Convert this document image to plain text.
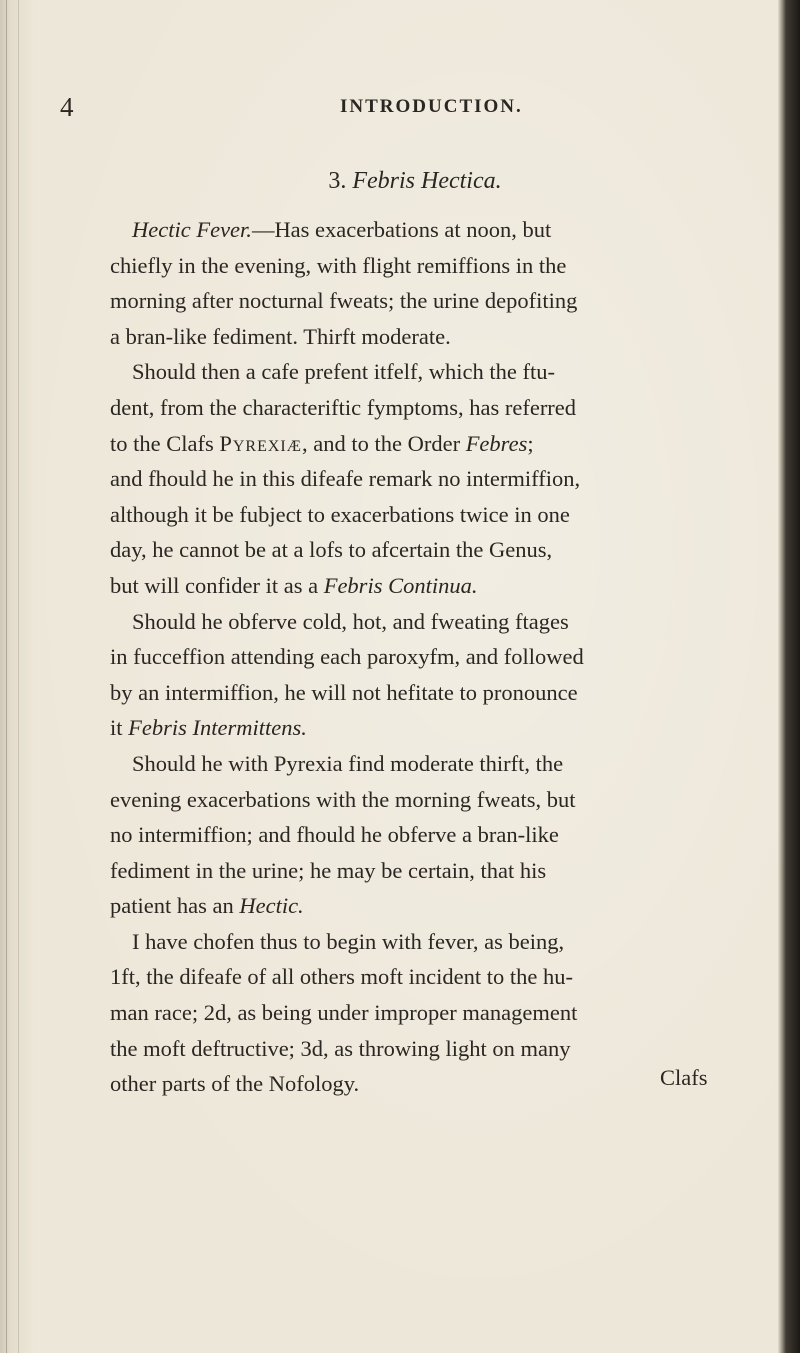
4	INTRODUCTION.
3. Febris Hectica.
Hectic Fever.—Has exacerbations at noon, but
chiefly in the evening, with flight remiffions in the
morning after nocturnal fweats; the urine depofiting
a bran-like fediment. Thirft moderate.
Should then a cafe prefent itfelf, which the ftu-
dent, from the characteriftic fymptoms, has referred
to the Clafs Pyrexiæ, and to the Order Febres;
and fhould he in this difeafe remark no intermiffion,
although it be fubject to exacerbations twice in one
day, he cannot be at a lofs to afcertain the Genus,
but will confider it as a Febris Continua.
Should he obferve cold, hot, and fweating ftages
in fucceffion attending each paroxyfm, and followed
by an intermiffion, he will not hefitate to pronounce
it Febris Intermittens.
Should he with Pyrexia find moderate thirft, the
evening exacerbations with the morning fweats, but
no intermiffion; and fhould he obferve a bran-like
fediment in the urine; he may be certain, that his
patient has an Hectic.
I have chofen thus to begin with fever, as being,
1ft, the difeafe of all others moft incident to the hu-
man race; 2d, as being under improper management
the moft deftructive; 3d, as throwing light on many
other parts of the Nofology.	Clafs
